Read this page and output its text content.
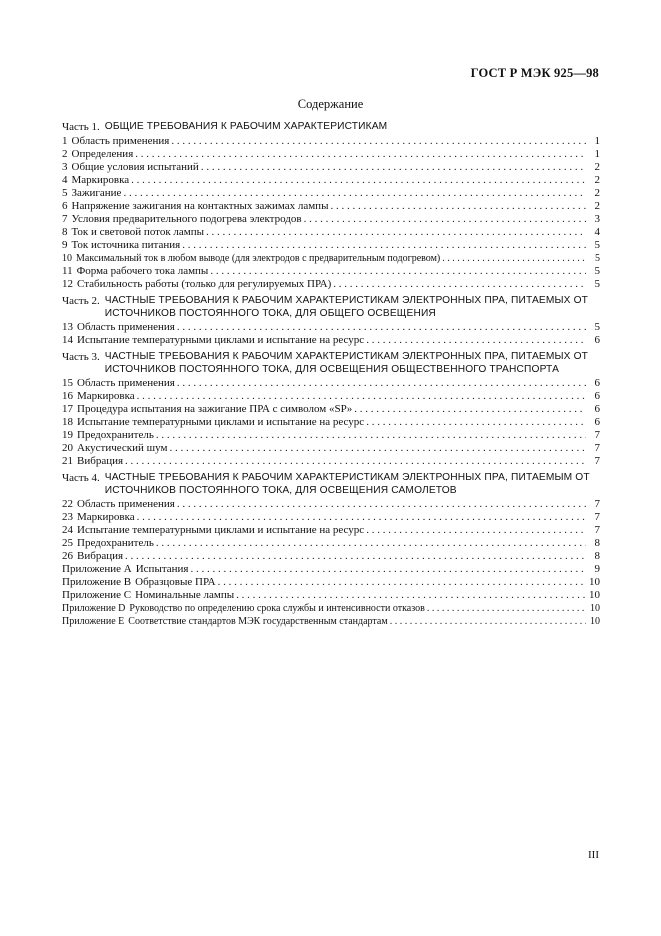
ГОСТ Р МЭК 925—98
Содержание
Часть 1. ОБЩИЕ ТРЕБОВАНИЯ К РАБОЧИМ ХАРАКТЕРИСТИКАМ
1 Область применения . . .	1
2 Определения . . .	1
3 Общие условия испытаний . . .	2
4 Маркировка . . .	2
5 Зажигание . . .	2
6 Напряжение зажигания на контактных зажимах лампы . . .	2
7 Условия предварительного подогрева электродов . . .	3
8 Ток и световой поток лампы . . .	4
9 Ток источника питания . . .	5
10 Максимальный ток в любом выводе (для электродов с предварительным подогревом) . . .	5
11 Форма рабочего тока лампы . . .	5
12 Стабильность работы (только для регулируемых ПРА) . . .	5
Часть 2. ЧАСТНЫЕ ТРЕБОВАНИЯ К РАБОЧИМ ХАРАКТЕРИСТИКАМ ЭЛЕКТРОННЫХ ПРА, ПИТАЕМЫХ ОТ ИСТОЧНИКОВ ПОСТОЯННОГО ТОКА, ДЛЯ ОБЩЕГО ОСВЕЩЕНИЯ
13 Область применения . . .	5
14 Испытание температурными циклами и испытание на ресурс . . .	6
Часть 3. ЧАСТНЫЕ ТРЕБОВАНИЯ К РАБОЧИМ ХАРАКТЕРИСТИКАМ ЭЛЕКТРОННЫХ ПРА, ПИТАЕМЫХ ОТ ИСТОЧНИКОВ ПОСТОЯННОГО ТОКА, ДЛЯ ОСВЕЩЕНИЯ ОБЩЕСТВЕННОГО ТРАНСПОРТА
15 Область применения . . .	6
16 Маркировка . . .	6
17 Процедура испытания на зажигание ПРА с символом «SP» . . .	6
18 Испытание температурными циклами и испытание на ресурс . . .	6
19 Предохранитель . . .	7
20 Акустический шум . . .	7
21 Вибрация . . .	7
Часть 4. ЧАСТНЫЕ ТРЕБОВАНИЯ К РАБОЧИМ ХАРАКТЕРИСТИКАМ ЭЛЕКТРОННЫХ ПРА, ПИТАЕМЫМ ОТ ИСТОЧНИКОВ ПОСТОЯННОГО ТОКА, ДЛЯ ОСВЕЩЕНИЯ САМОЛЕТОВ
22 Область применения . . .	7
23 Маркировка . . .	7
24 Испытание температурными циклами и испытание на ресурс . . .	7
25 Предохранитель . . .	8
26 Вибрация . . .	8
Приложение A Испытания . . .	9
Приложение B Образцовые ПРА . . .	10
Приложение C Номинальные лампы . . .	10
Приложение D Руководство по определению срока службы и интенсивности отказов . . .	10
Приложение E Соответствие стандартов МЭК государственным стандартам . . .	10
III
